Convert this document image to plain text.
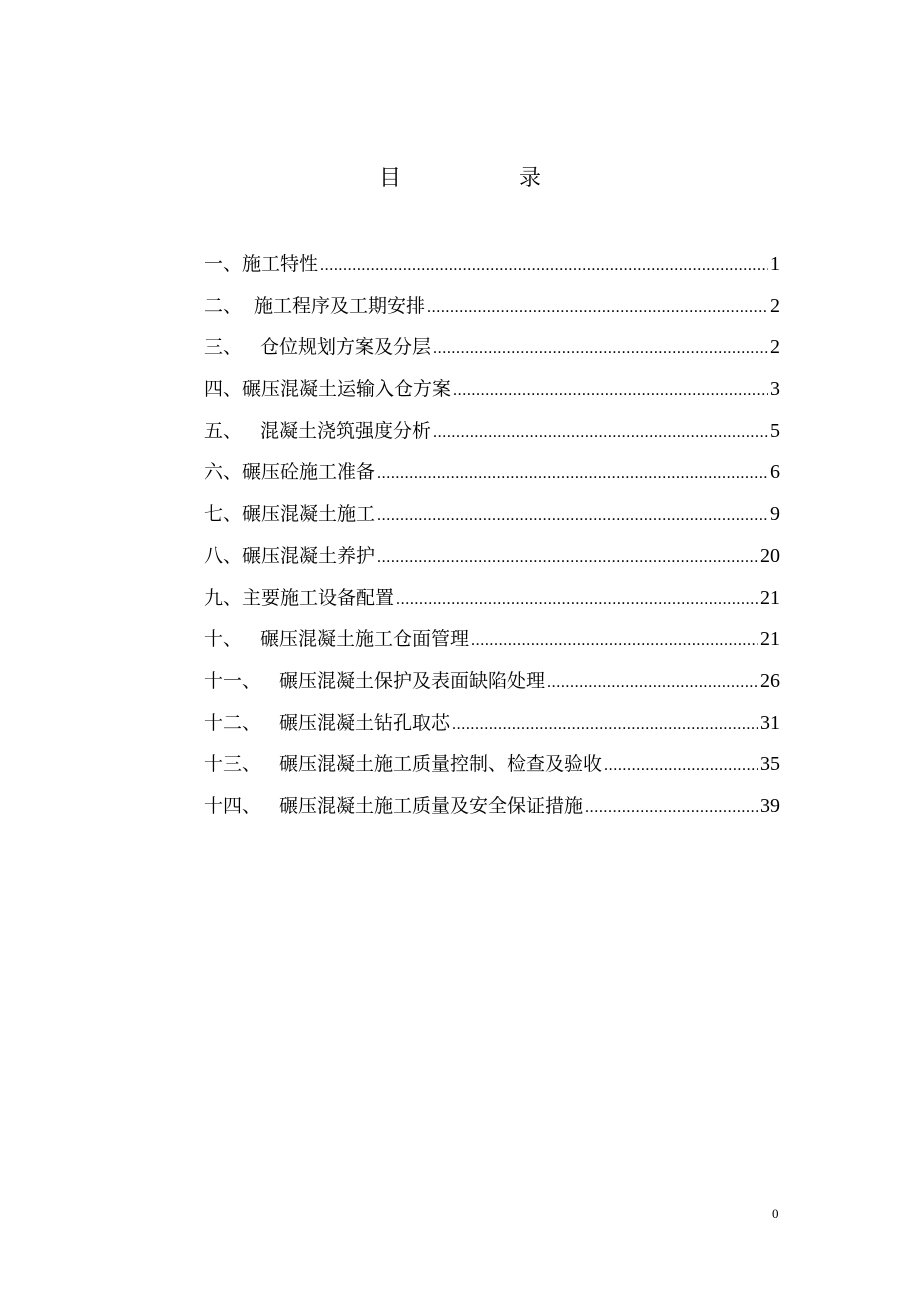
目	录
一、 施工特性 .....	1
二、 施工程序及工期安排 .....	2
三、 仓位规划方案及分层 .....	2
四、 碾压混凝土运输入仓方案 .....	3
五、 混凝土浇筑强度分析 .....	5
六、 碾压砼施工准备 .....	6
七、 碾压混凝土施工 .....	9
八、 碾压混凝土养护 .....	20
九、 主要施工设备配置 .....	21
十、 碾压混凝土施工仓面管理 .....	21
十一、 碾压混凝土保护及表面缺陷处理 .....	26
十二、 碾压混凝土钻孔取芯 .....	31
十三、 碾压混凝土施工质量控制、检查及验收 .....	35
十四、 碾压混凝土施工质量及安全保证措施 .....	39
0
